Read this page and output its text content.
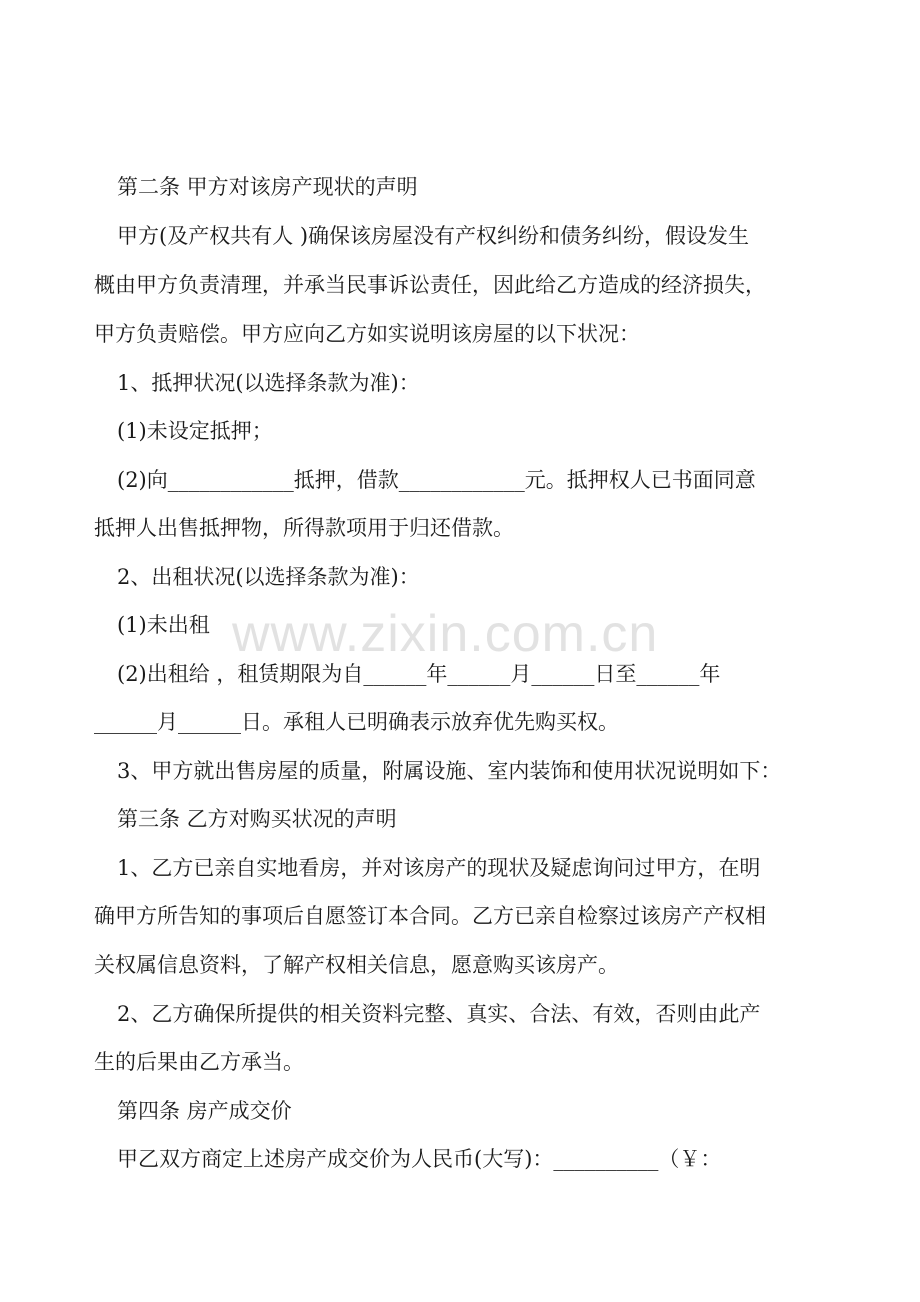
第二条 甲方对该房产现状的声明
甲方(及产权共有人 )确保该房屋没有产权纠纷和债务纠纷，假设发生
概由甲方负责清理，并承当民事诉讼责任，因此给乙方造成的经济损失，
甲方负责赔偿。甲方应向乙方如实说明该房屋的以下状况：
1、抵押状况(以选择条款为准)：
(1)未设定抵押；
(2)向____________抵押，借款____________元。抵押权人已书面同意
抵押人出售抵押物，所得款项用于归还借款。
2、出租状况(以选择条款为准)：
(1)未出租
(2)出租给 ，租赁期限为自______年______月______日至______年
______月______日。承租人已明确表示放弃优先购买权。
3、甲方就出售房屋的质量，附属设施、室内装饰和使用状况说明如下：
第三条 乙方对购买状况的声明
1、乙方已亲自实地看房，并对该房产的现状及疑虑询问过甲方，在明
确甲方所告知的事项后自愿签订本合同。乙方已亲自检察过该房产产权相
关权属信息资料，了解产权相关信息，愿意购买该房产。
2、乙方确保所提供的相关资料完整、真实、合法、有效，否则由此产
生的后果由乙方承当。
第四条 房产成交价
甲乙双方商定上述房产成交价为人民币(大写)：__________（￥：
www.zixin.com.cn
